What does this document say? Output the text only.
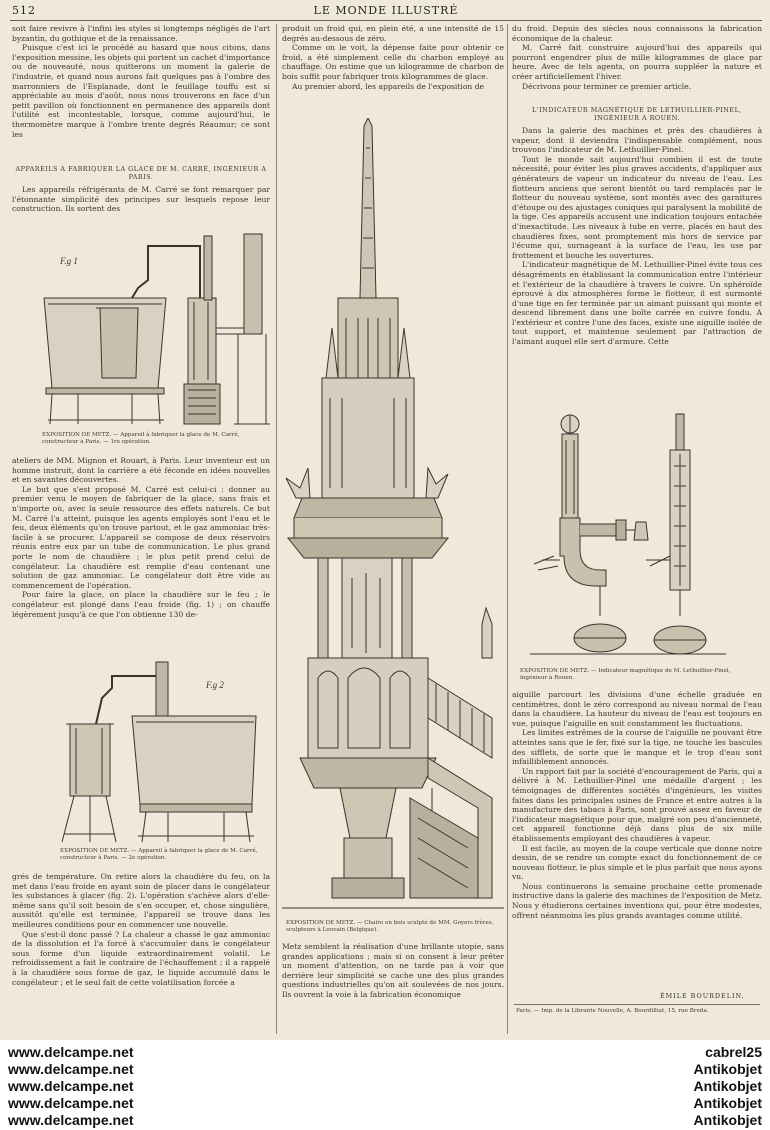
512	LE MONDE ILLUSTRÉ

soit faire revivre à l'infini les styles si longtemps négligés de l'art byzantin, du gothique et de la renaissance.

Puisque c'est ici le procédé au hasard que nous citons, dans l'exposition messine, les objets qui portent un cachet d'importance ou de nouveauté, nous quitterons un moment la galerie de l'industrie, et quand nous aurons fait quelques pas à l'ombre des marronniers de l'Esplanade, dont le feuillage touffu est si appréciable au mois d'août, nous nous trouverons en face d'un petit pavillon où fonctionnent en permanence des appareils dont l'utilité est incontestable, lorsque, comme aujourd'hui, le thermomètre marque à l'ombre trente degrés Réaumur; ce sont les

APPAREILS A FABRIQUER LA GLACE DE M. CARRÉ, INGÉNIEUR A PARIS.

Les appareils réfrigérants de M. Carré se font remarquer par l'étonnante simplicité des principes sur lesquels repose leur construction. Ils sortent des

F.g 1
EXPOSITION DE METZ. — Appareil à fabriquer la glace de M. Carré, constructeur à Paris. — 1re opération.

ateliers de MM. Mignon et Rouart, à Paris. Leur inventeur est un homme instruit, dont la carrière a été féconde en idées nouvelles et en savantes découvertes.

Le but que s'est proposé M. Carré est celui-ci : donner au premier venu le moyen de fabriquer de la glace, sans frais et n'importe où, avec la seule ressource des effets naturels. Ce but M. Carré l'a atteint, puisque les agents employés sont l'eau et le feu, deux éléments qu'on trouve partout, et le gaz ammoniac très-facile à se procurer. L'appareil se compose de deux réservoirs réunis entre eux par un tube de communication. Le plus grand porte le nom de chaudière ; le plus petit prend celui de congélateur. La chaudière est remplie d'eau contenant une solution de gaz ammoniac. Le congélateur doit être vide au commencement de l'opération.

Pour faire la glace, on place la chaudière sur le feu ; le congélateur est plongé dans l'eau froide (fig. 1) ; on chauffe légèrement jusqu'à ce que l'on obtienne 130 de-

F.g 2
EXPOSITION DE METZ. — Appareil à fabriquer la glace de M. Carré, constructeur à Paris. — 2e opération.

grés de température. On retire alors la chaudière du feu, on la met dans l'eau froide en ayant soin de placer dans le congélateur les substances à glacer (fig. 2). L'opération s'achève alors d'elle-même sans qu'il soit besoin de s'en occuper, et, chose singulière, aussitôt qu'elle est terminée, l'appareil se trouve dans les meilleures conditions pour en commencer une nouvelle.

Que s'est-il donc passé ? La chaleur a chassé le gaz ammoniac de la dissolution et l'a forcé à s'accumuler dans le congélateur sous forme d'un liquide extraordinairement volatil. Le refroidissement a fait le contraire de l'échauffement ; il a rappelé à la chaudière sous forme de gaz, le liquide accumulé dans le congélateur ; et le seul fait de cette volatilisation forcée a

produit un froid qui, en plein été, a une intensité de 15 degrés au-dessous de zéro.

Comme on le voit, la dépense faite pour obtenir ce froid, a été simplement celle du charbon employé au chauffage. On estime que un kilogramme de charbon de bois suffit pour fabriquer trois kilogrammes de glace.

Au premier abord, les appareils de l'exposition de

EXPOSITION DE METZ. — Chaire en bois sculpté de MM. Goyers frères, sculpteurs à Louvain (Belgique).

Metz semblent la réalisation d'une brillante utopie, sans grandes applications ; mais si on consent à leur prêter un moment d'attention, on ne tarde pas à voir que derrière leur simplicité se cache une des plus grandes questions industrielles qu'on ait soulevées de nos jours. Ils ouvrent la voie à la fabrication économique

du froid. Depuis des siècles nous connaissons la fabrication économique de la chaleur.

M. Carré fait construire aujourd'hui des appareils qui pourront engendrer plus de mille kilogrammes de glace par heure. Avec de tels agents, on pourra suppléer la nature et créer artificiellement l'hiver.

Décrivons pour terminer ce premier article.

L'INDICATEUR MAGNÉTIQUE DE LETHUILLIER-PINEL, INGÉNIEUR A ROUEN.

Dans la galerie des machines et près des chaudières à vapeur, dont il deviendra l'indispensable complément, nous trouvons l'indicateur de M. Lethuillier-Pinel.

Tout le monde sait aujourd'hui combien il est de toute nécessité, pour éviter les plus graves accidents, d'appliquer aux générateurs de vapeur un indicateur du niveau de l'eau. Les flotteurs anciens que seront bientôt ou tard remplacés par le flotteur du nouveau système, sont montés avec des garnitures d'étoupe ou des ajustages coniques qui paralysent la mobilité de la tige. Ces appareils accusent une indication toujours entachée d'inexactitude. Les niveaux à tube en verre, placés en haut des chaudières fixes, sont promptement mis hors de service par l'écume qui, surnageant à la surface de l'eau, les use par frottement et bouche les ouvertures.

L'indicateur magnétique de M. Lethuillier-Pinel évite tous ces désagréments en établissant la communication entre l'intérieur et l'extérieur de la chaudière à travers le cuivre. Un sphéroïde éprouvé à dix atmosphères forme le flotteur, il est surmonté d'une tige en fer terminée par un aimant puissant qui monte et descend librement dans une boîte carrée en cuivre fondu. A l'extérieur et contre l'une des faces, existe une aiguille isolée de tout support, et maintenue seulement par l'attraction de l'aimant auquel elle sert d'armure. Cette

EXPOSITION DE METZ. — Indicateur magnétique de M. Lethuillier-Pinel, ingénieur à Rouen.

aiguille parcourt les divisions d'une échelle graduée en centimètres, dont le zéro correspond au niveau normal de l'eau dans la chaudière. La hauteur du niveau de l'eau est toujours en vue, puisque l'aiguille en suit constamment les fluctuations.

Les limites extrêmes de la course de l'aiguille ne pouvant être atteintes sans que le fer, fixé sur la tige, ne touche les bascules des sifflets, de sorte que le manque et le trop d'eau sont infailliblement annoncés.

Un rapport fait par la société d'encouragement de Paris, qui a délivré à M. Lethuillier-Pinel une médaille d'argent ; les témoignages de différentes sociétés d'ingénieurs, les visites faites dans les principales usines de France et entre autres à la manufacture des tabacs à Paris, sont prouvé assez en faveur de l'indicateur magnétique pour que, malgré son peu d'ancienneté, cet appareil fonctionne déjà dans plus de six mille établissements employant des chaudières à vapeur.

Il est facile, au moyen de la coupe verticale que donne notre dessin, de se rendre un compte exact du fonctionnement de ce nouveau flotteur, le plus simple et le plus parfait que nous ayons vu.

Nous continuerons la semaine prochaine cette promenade instructive dans la galerie des machines de l'exposition de Metz. Nous y étudierons certaines inventions qui, pour être modestes, offrent néanmoins les plus grands avantages comme utilité.

ÉMILE BOURDELIN.
Paris. — Imp. de la Librairie Nouvelle, A. Bourdilliat, 15, rue Breda.
www.delcampe.net
www.delcampe.net
www.delcampe.net
www.delcampe.net
www.delcampe.net
cabrel25
Antikobjet
Antikobjet
Antikobjet
Antikobjet
